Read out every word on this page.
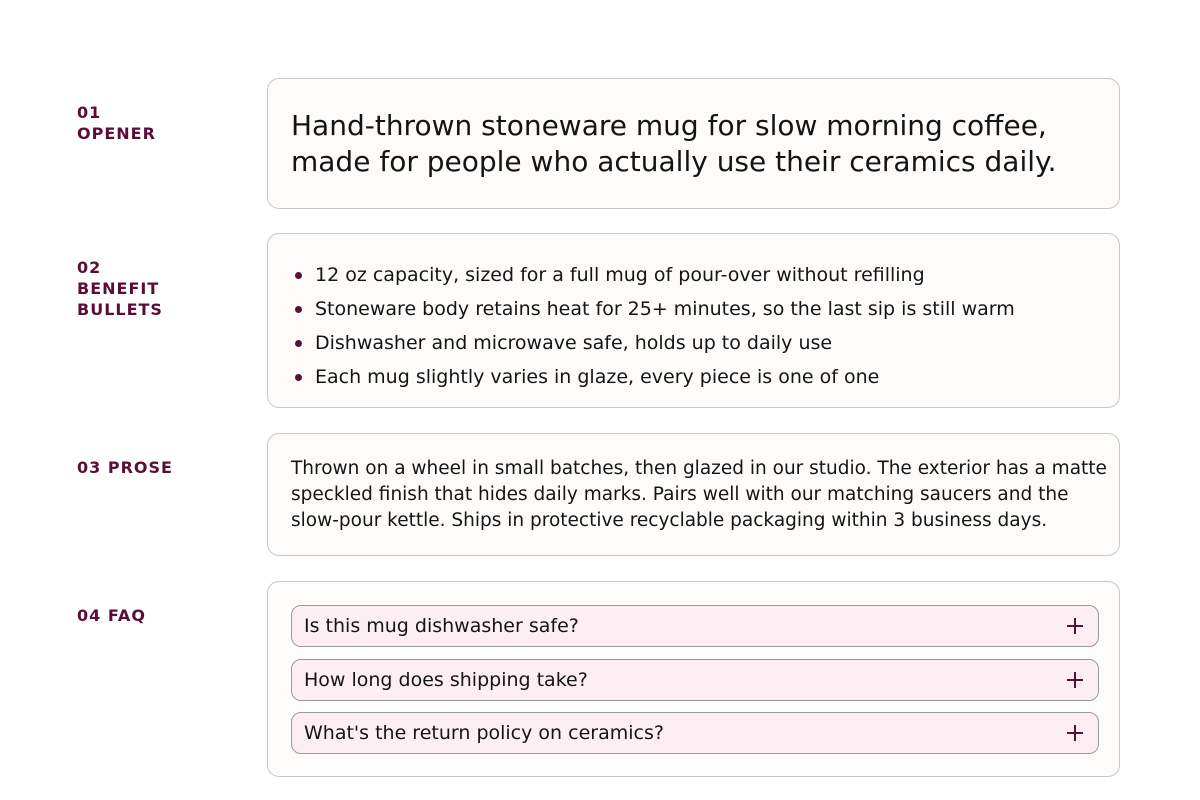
01 OPENER	Hand-thrown stoneware mug for slow morning coffee, made for people who actually use their ceramics daily.

02 BENEFIT BULLETS
12 oz capacity, sized for a full mug of pour-over without refilling
Stoneware body retains heat for 25+ minutes, so the last sip is still warm
Dishwasher and microwave safe, holds up to daily use
Each mug slightly varies in glaze, every piece is one of one
03 PROSE	Thrown on a wheel in small batches, then glazed in our studio. The exterior has a matte speckled finish that hides daily marks. Pairs well with our matching saucers and the slow-pour kettle. Ships in protective recyclable packaging within 3 business days.

04 FAQ	Is this mug dishwasher safe?
How long does shipping take?
What's the return policy on ceramics?
